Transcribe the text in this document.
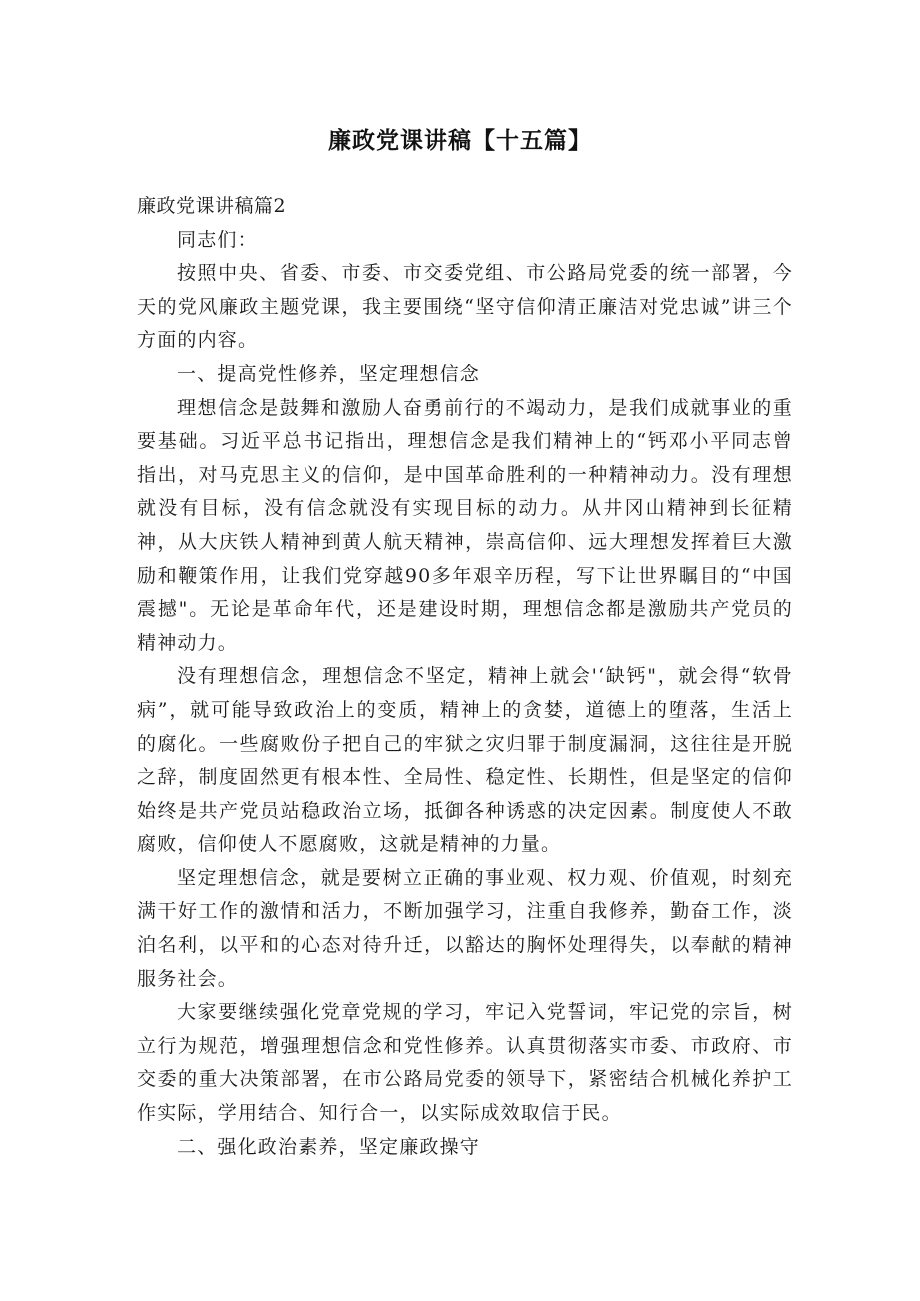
廉政党课讲稿【十五篇】

廉政党课讲稿篇2

同志们：

按照中央、省委、市委、市交委党组、市公路局党委的统一部署，今天的党风廉政主题党课，我主要围绕“坚守信仰清正廉洁对党忠诚”讲三个方面的内容。

一、提高党性修养，坚定理想信念

理想信念是鼓舞和激励人奋勇前行的不竭动力，是我们成就事业的重要基础。习近平总书记指出，理想信念是我们精神上的“钙邓小平同志曾指出，对马克思主义的信仰，是中国革命胜利的一种精神动力。没有理想就没有目标，没有信念就没有实现目标的动力。从井冈山精神到长征精神，从大庆铁人精神到黄人航天精神，崇高信仰、远大理想发挥着巨大激励和鞭策作用，让我们党穿越90多年艰辛历程，写下让世界瞩目的“中国震撼"。无论是革命年代，还是建设时期，理想信念都是激励共产党员的精神动力。

没有理想信念，理想信念不坚定，精神上就会'‘缺钙"，就会得“软骨病”，就可能导致政治上的变质，精神上的贪婪，道德上的堕落，生活上的腐化。一些腐败份子把自己的牢狱之灾归罪于制度漏洞，这往往是开脱之辞，制度固然更有根本性、全局性、稳定性、长期性，但是坚定的信仰始终是共产党员站稳政治立场，抵御各种诱惑的决定因素。制度使人不敢腐败，信仰使人不愿腐败，这就是精神的力量。

坚定理想信念，就是要树立正确的事业观、权力观、价值观，时刻充满干好工作的激情和活力，不断加强学习，注重自我修养，勤奋工作，淡泊名利，以平和的心态对待升迁，以豁达的胸怀处理得失，以奉献的精神服务社会。

大家要继续强化党章党规的学习，牢记入党誓词，牢记党的宗旨，树立行为规范，增强理想信念和党性修养。认真贯彻落实市委、市政府、市交委的重大决策部署，在市公路局党委的领导下，紧密结合机械化养护工作实际，学用结合、知行合一，以实际成效取信于民。

二、强化政治素养，坚定廉政操守
